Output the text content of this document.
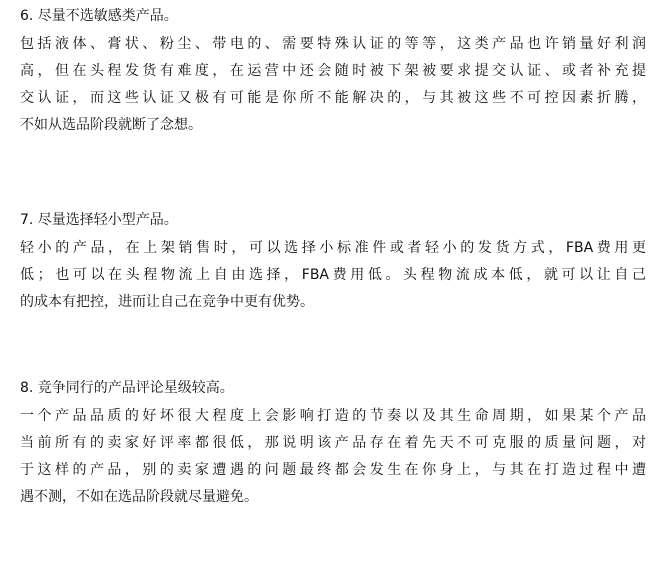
6. 尽量不选敏感类产品。
包括液体、膏状、粉尘、带电的、需要特殊认证的等等，这类产品也许销量好利润
高，但在头程发货有难度，在运营中还会随时被下架被要求提交认证、或者补充提
交认证，而这些认证又极有可能是你所不能解决的，与其被这些不可控因素折腾，
不如从选品阶段就断了念想。
7. 尽量选择轻小型产品。
轻小的产品，在上架销售时，可以选择小标准件或者轻小的发货方式，FBA费用更
低；也可以在头程物流上自由选择，FBA费用低。头程物流成本低，就可以让自己
的成本有把控，进而让自己在竞争中更有优势。
8. 竞争同行的产品评论星级较高。
一个产品品质的好坏很大程度上会影响打造的节奏以及其生命周期，如果某个产品
当前所有的卖家好评率都很低，那说明该产品存在着先天不可克服的质量问题，对
于这样的产品，别的卖家遭遇的问题最终都会发生在你身上，与其在打造过程中遭
遇不测，不如在选品阶段就尽量避免。
